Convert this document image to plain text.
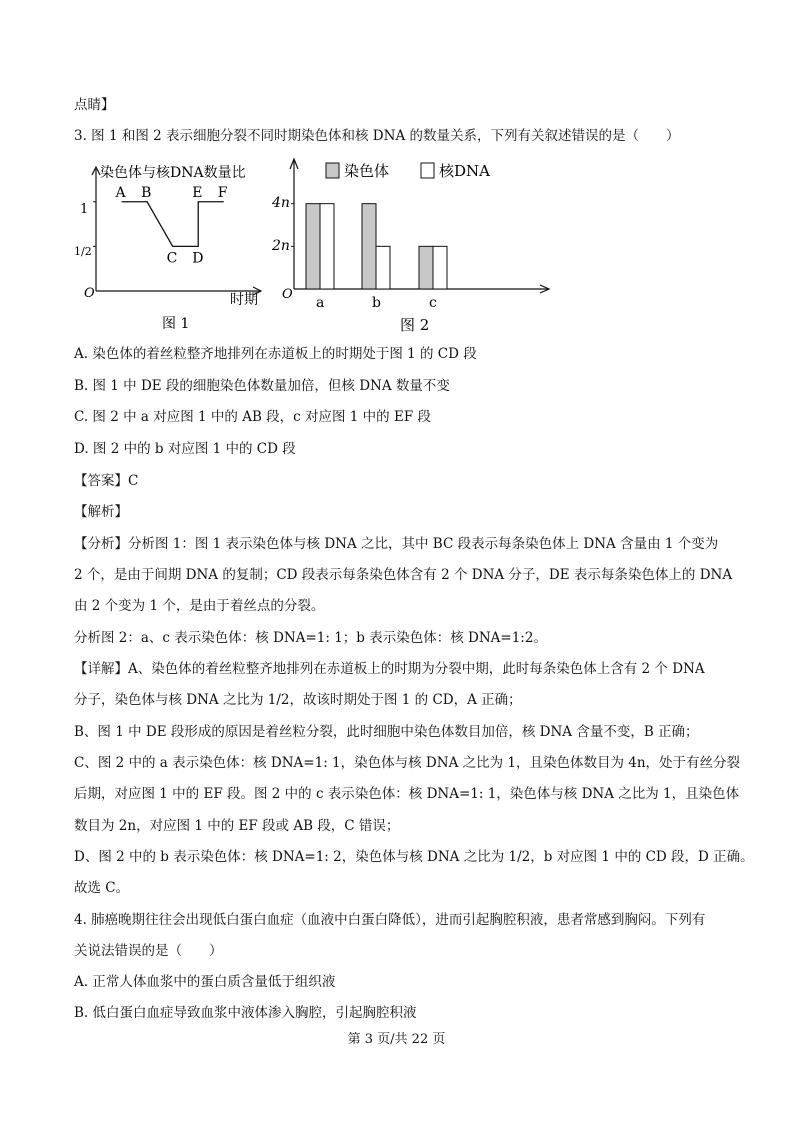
点睛】
3. 图 1 和图 2 表示细胞分裂不同时期染色体和核 DNA 的数量关系，下列有关叙述错误的是（　　）
染色体与核DNA数量比
时期
O
1
1/2
图 1
A B
C D
E F
染色体	核DNA
4n
2n
O
图 2
a	b	c
A. 染色体的着丝粒整齐地排列在赤道板上的时期处于图 1 的 CD 段
B. 图 1 中 DE 段的细胞染色体数量加倍，但核 DNA 数量不变
C. 图 2 中 a 对应图 1 中的 AB 段，c 对应图 1 中的 EF 段
D. 图 2 中的 b 对应图 1 中的 CD 段
【答案】C
【解析】
【分析】分析图 1：图 1 表示染色体与核 DNA 之比，其中 BC 段表示每条染色体上 DNA 含量由 1 个变为
2 个，是由于间期 DNA 的复制；CD 段表示每条染色体含有 2 个 DNA 分子，DE 表示每条染色体上的 DNA
由 2 个变为 1 个，是由于着丝点的分裂。
分析图 2：a、c 表示染色体：核 DNA=1: 1；b 表示染色体：核 DNA=1:2。
【详解】A、染色体的着丝粒整齐地排列在赤道板上的时期为分裂中期，此时每条染色体上含有 2 个 DNA
分子，染色体与核 DNA 之比为 1/2，故该时期处于图 1 的 CD，A 正确；
B、图 1 中 DE 段形成的原因是着丝粒分裂，此时细胞中染色体数目加倍，核 DNA 含量不变，B 正确；
C、图 2 中的 a 表示染色体：核 DNA=1: 1，染色体与核 DNA 之比为 1，且染色体数目为 4n，处于有丝分裂
后期，对应图 1 中的 EF 段。图 2 中的 c 表示染色体：核 DNA=1: 1，染色体与核 DNA 之比为 1，且染色体
数目为 2n，对应图 1 中的 EF 段或 AB 段，C 错误；
D、图 2 中的 b 表示染色体：核 DNA=1: 2，染色体与核 DNA 之比为 1/2，b 对应图 1 中的 CD 段，D 正确。
故选 C。
4. 肺癌晚期往往会出现低白蛋白血症（血液中白蛋白降低），进而引起胸腔积液，患者常感到胸闷。下列有
关说法错误的是（　　）
A. 正常人体血浆中的蛋白质含量低于组织液
B. 低白蛋白血症导致血浆中液体渗入胸腔，引起胸腔积液
第 3 页/共 22 页
